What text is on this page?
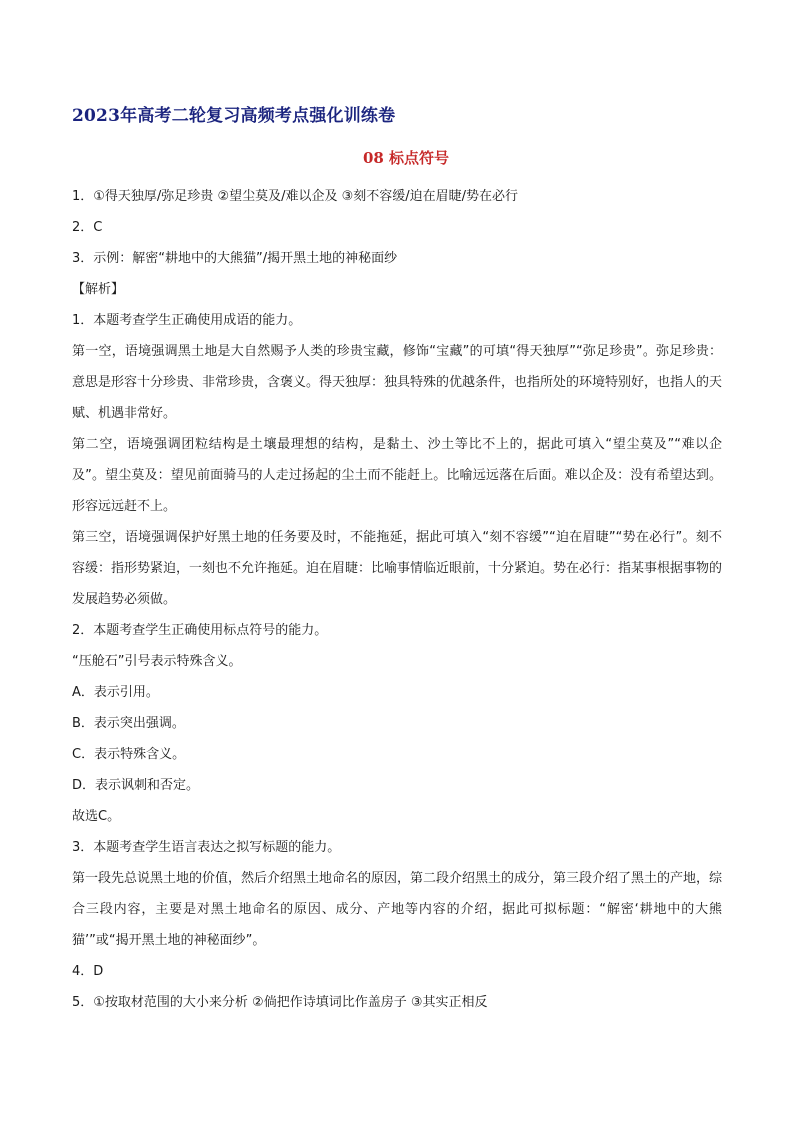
2023年高考二轮复习高频考点强化训练卷
08 标点符号

1．①得天独厚/弥足珍贵 ②望尘莫及/难以企及 ③刻不容缓/迫在眉睫/势在必行

2．C

3．示例：解密“耕地中的大熊猫”/揭开黑土地的神秘面纱

【解析】

1．本题考查学生正确使用成语的能力。

第一空，语境强调黑土地是大自然赐予人类的珍贵宝藏，修饰“宝藏”的可填“得天独厚”“弥足珍贵”。弥足珍贵：意思是形容十分珍贵、非常珍贵，含褒义。得天独厚：独具特殊的优越条件，也指所处的环境特别好，也指人的天赋、机遇非常好。

第二空，语境强调团粒结构是土壤最理想的结构，是黏土、沙土等比不上的，据此可填入“望尘莫及”“难以企及”。望尘莫及：望见前面骑马的人走过扬起的尘土而不能赶上。比喻远远落在后面。难以企及：没有希望达到。形容远远赶不上。

第三空，语境强调保护好黑土地的任务要及时，不能拖延，据此可填入“刻不容缓”“迫在眉睫”“势在必行”。刻不容缓：指形势紧迫，一刻也不允许拖延。迫在眉睫：比喻事情临近眼前，十分紧迫。势在必行：指某事根据事物的发展趋势必须做。

2．本题考查学生正确使用标点符号的能力。

“压舱石”引号表示特殊含义。

A．表示引用。

B．表示突出强调。

C．表示特殊含义。

D．表示讽刺和否定。

故选C。

3．本题考查学生语言表达之拟写标题的能力。

第一段先总说黑土地的价值，然后介绍黑土地命名的原因，第二段介绍黑土的成分，第三段介绍了黑土的产地，综合三段内容，主要是对黑土地命名的原因、成分、产地等内容的介绍，据此可拟标题：“解密‘耕地中的大熊猫’”或“揭开黑土地的神秘面纱”。

4．D

5．①按取材范围的大小来分析 ②倘把作诗填词比作盖房子 ③其实正相反
